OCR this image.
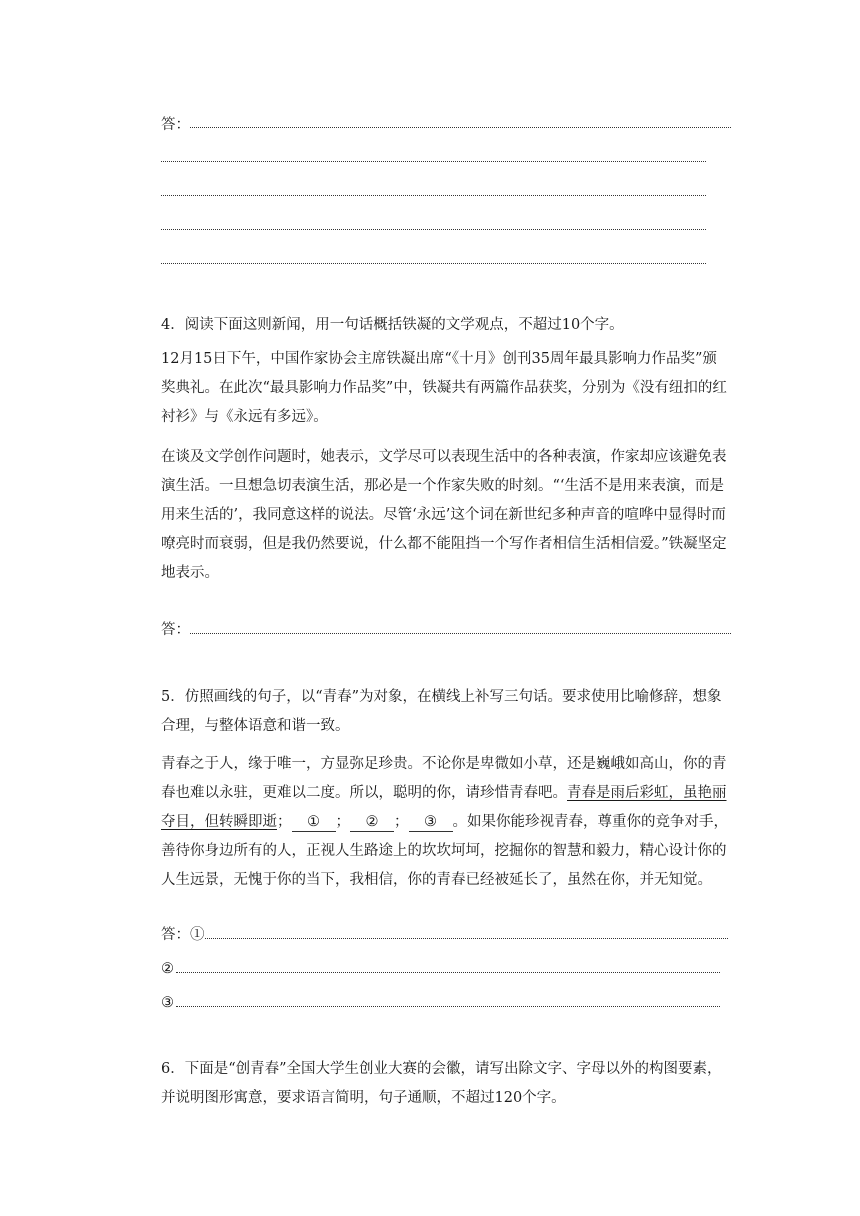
答：
4．阅读下面这则新闻，用一句话概括铁凝的文学观点，不超过10个字。
12月15日下午，中国作家协会主席铁凝出席“《十月》创刊35周年最具影响力作品奖”颁奖典礼。在此次“最具影响力作品奖”中，铁凝共有两篇作品获奖，分别为《没有纽扣的红衬衫》与《永远有多远》。
在谈及文学创作问题时，她表示，文学尽可以表现生活中的各种表演，作家却应该避免表演生活。一旦想急切表演生活，那必是一个作家失败的时刻。“‘生活不是用来表演，而是用来生活的’，我同意这样的说法。尽管‘永远’这个词在新世纪多种声音的喧哗中显得时而嘹亮时而衰弱，但是我仍然要说，什么都不能阻挡一个写作者相信生活相信爱。”铁凝坚定地表示。
答：
5．仿照画线的句子，以“青春”为对象，在横线上补写三句话。要求使用比喻修辞，想象合理，与整体语意和谐一致。
青春之于人，缘于唯一，方显弥足珍贵。不论你是卑微如小草，还是巍峨如高山，你的青春也难以永驻，更难以二度。所以，聪明的你，请珍惜青春吧。青春是雨后彩虹，虽艳丽夺目，但转瞬即逝； ① ； ② ； ③ 。如果你能珍视青春，尊重你的竞争对手，善待你身边所有的人，正视人生路途上的坎坎坷坷，挖掘你的智慧和毅力，精心设计你的人生远景，无愧于你的当下，我相信，你的青春已经被延长了，虽然在你，并无知觉。
答：①
②
③
6．下面是“创青春”全国大学生创业大赛的会徽，请写出除文字、字母以外的构图要素，并说明图形寓意，要求语言简明，句子通顺，不超过120个字。
